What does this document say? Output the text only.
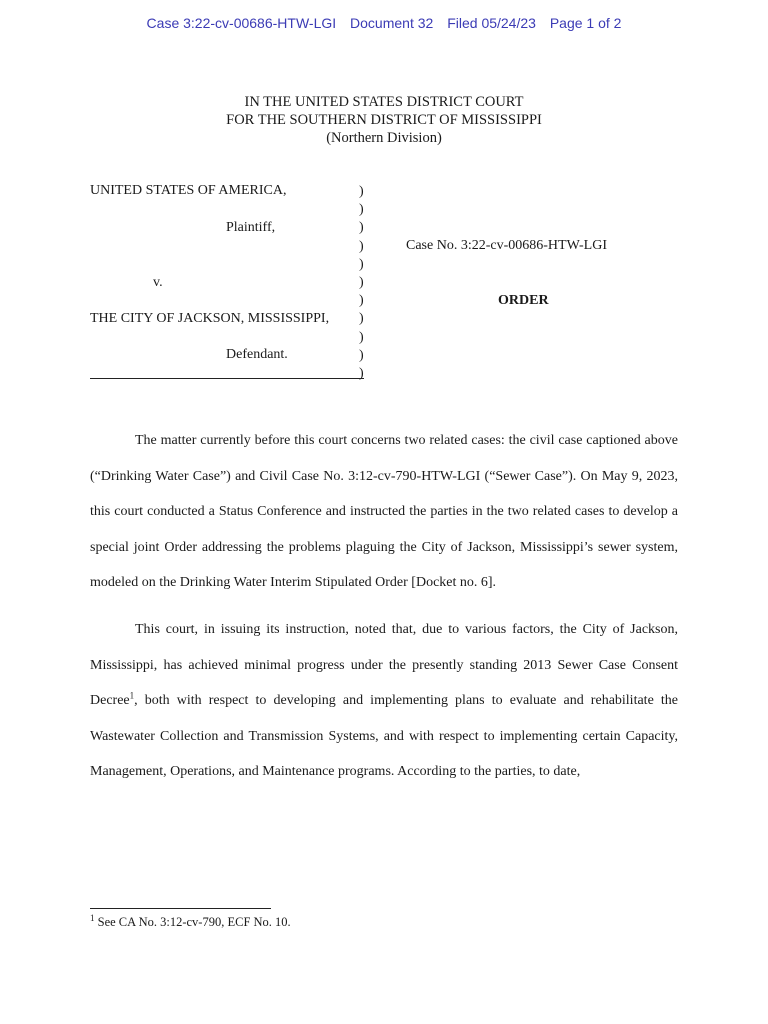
Case 3:22-cv-00686-HTW-LGI Document 32 Filed 05/24/23 Page 1 of 2
IN THE UNITED STATES DISTRICT COURT
FOR THE SOUTHERN DISTRICT OF MISSISSIPPI
(Northern Division)
UNITED STATES OF AMERICA,
Plaintiff,
v.
THE CITY OF JACKSON, MISSISSIPPI,
Defendant.
)
)
)
)
)
)
)
)
)
)
)
Case No. 3:22-cv-00686-HTW-LGI
ORDER

The matter currently before this court concerns two related cases: the civil case captioned above (“Drinking Water Case”) and Civil Case No. 3:12-cv-790-HTW-LGI (“Sewer Case”). On May 9, 2023, this court conducted a Status Conference and instructed the parties in the two related cases to develop a special joint Order addressing the problems plaguing the City of Jackson, Mississippi’s sewer system, modeled on the Drinking Water Interim Stipulated Order [Docket no. 6].

This court, in issuing its instruction, noted that, due to various factors, the City of Jackson, Mississippi, has achieved minimal progress under the presently standing 2013 Sewer Case Consent Decree$^1$, both with respect to developing and implementing plans to evaluate and rehabilitate the Wastewater Collection and Transmission Systems, and with respect to implementing certain Capacity, Management, Operations, and Maintenance programs. According to the parties, to date,

$^1$ See CA No. 3:12-cv-790, ECF No. 10.
